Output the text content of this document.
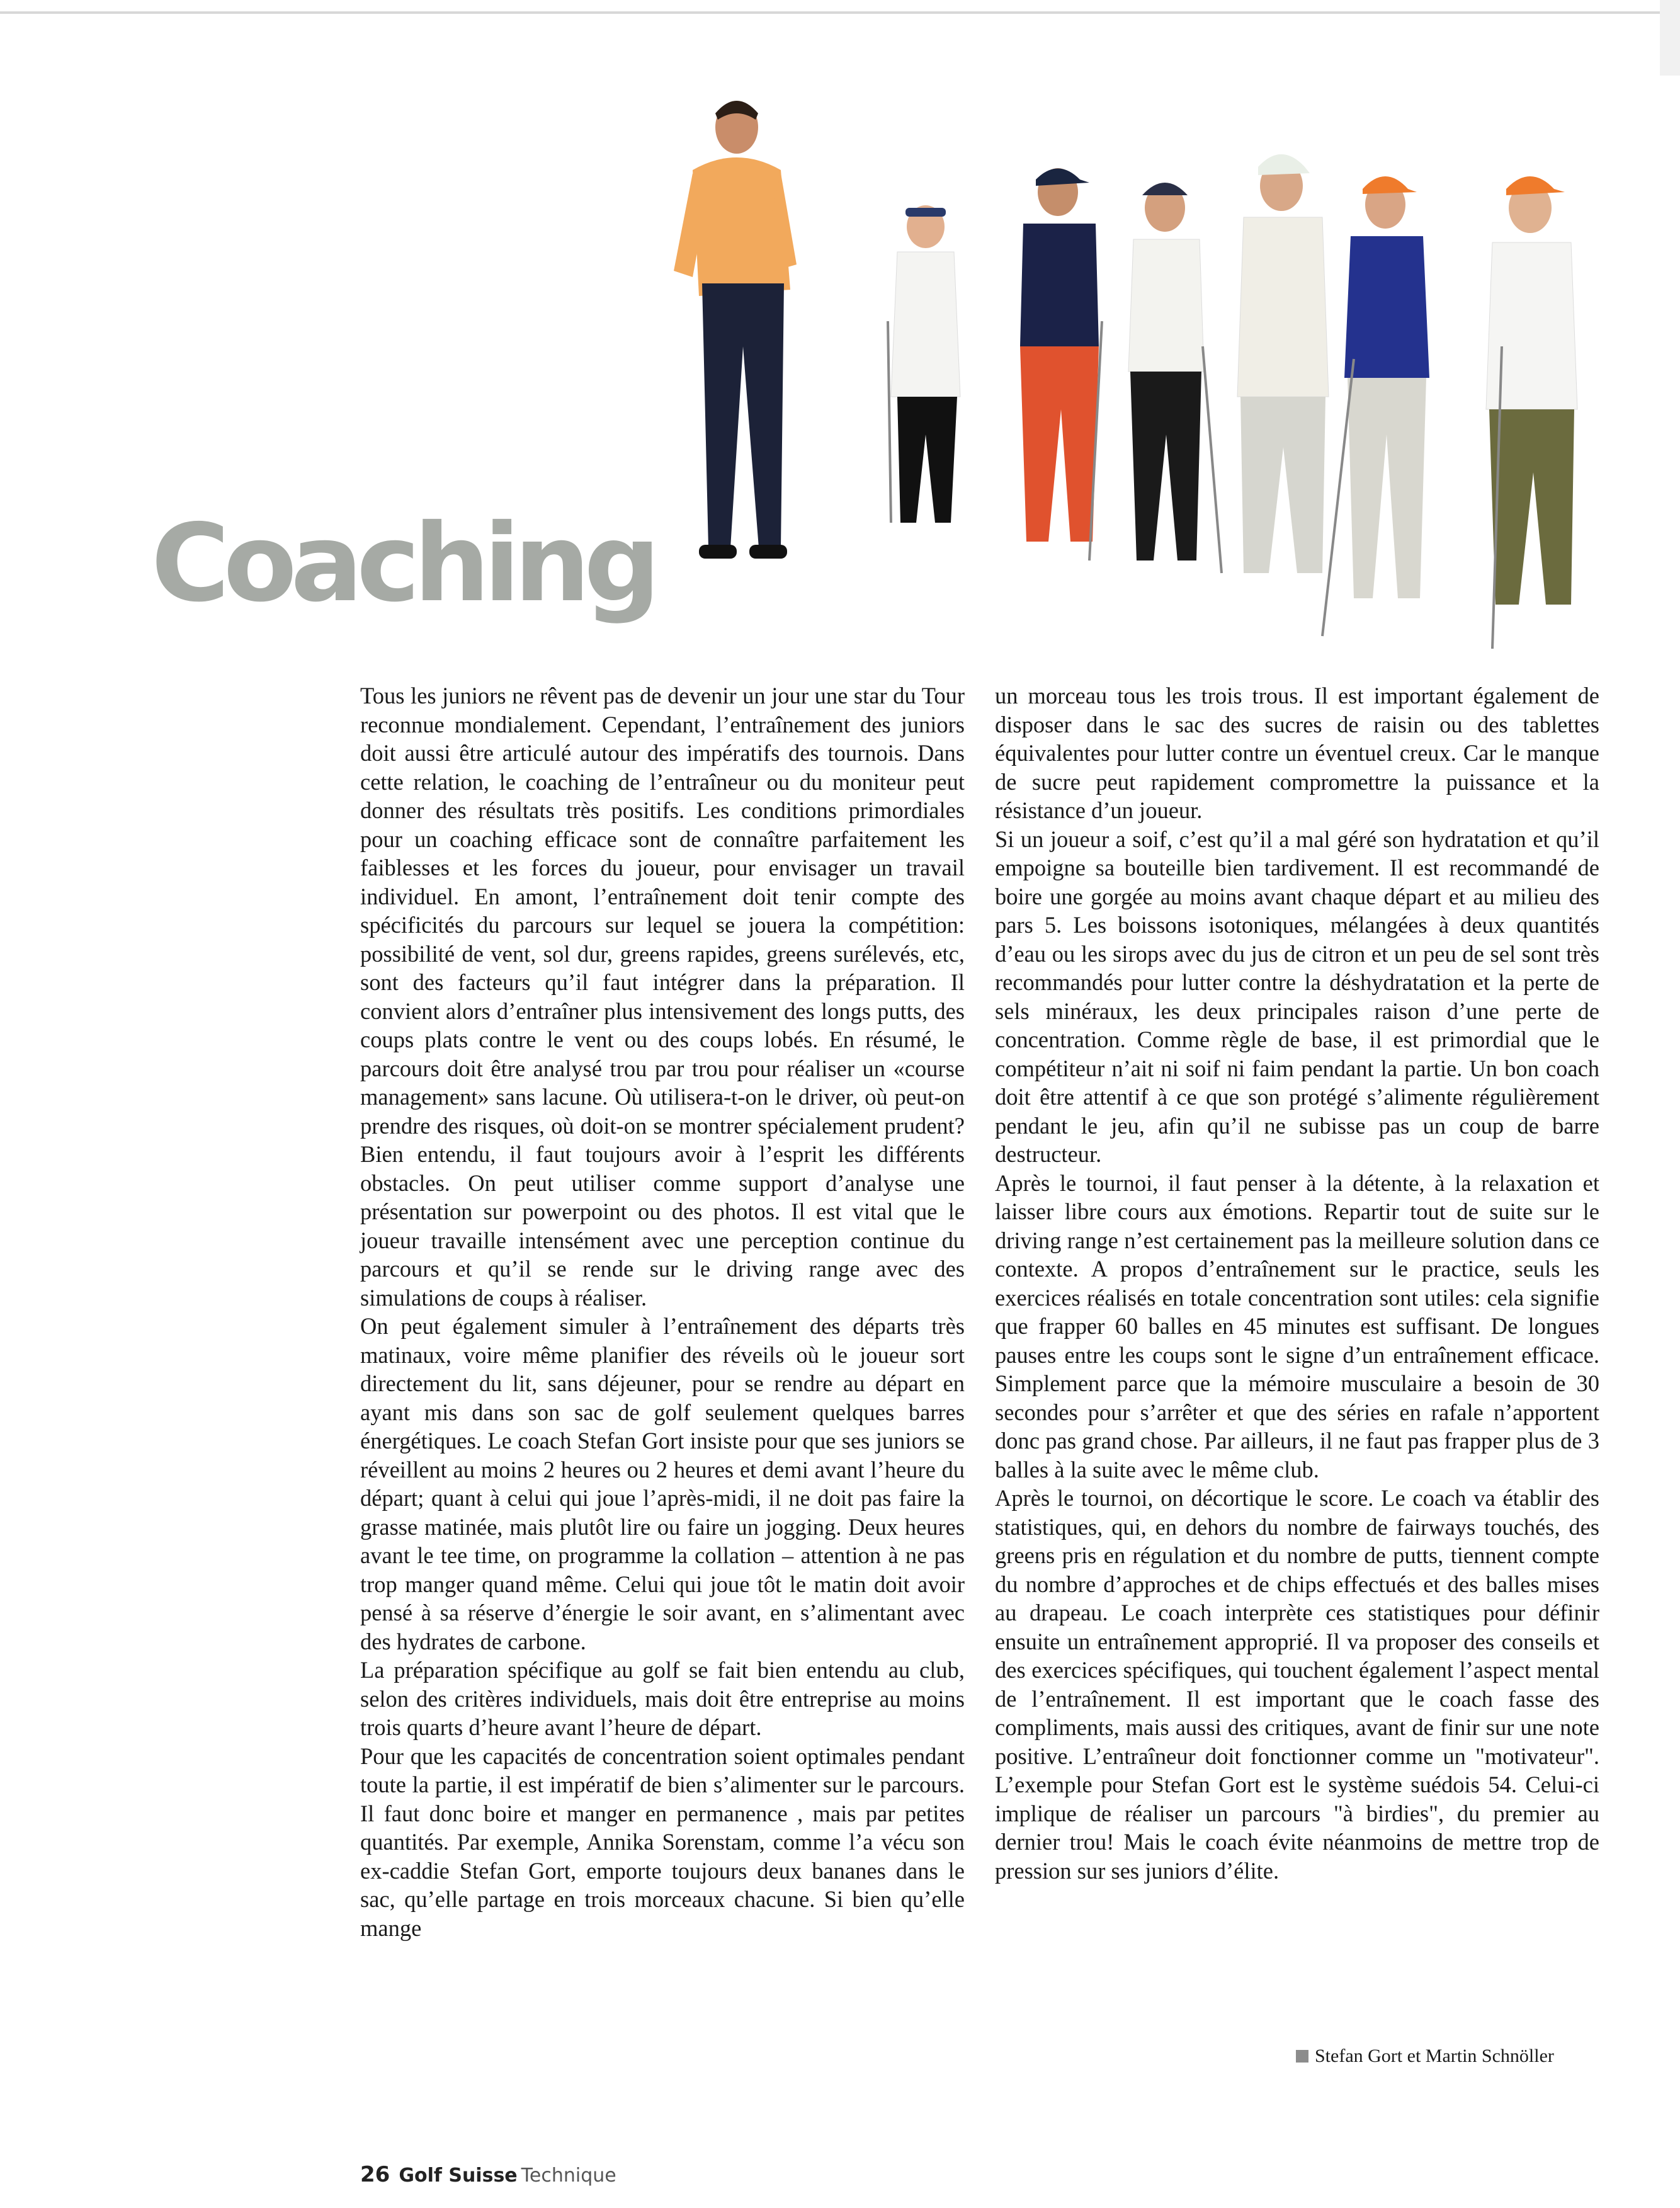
Coaching

Tous les juniors ne rêvent pas de devenir un jour une star du Tour reconnue mondialement. Cependant, l’entraînement des juniors doit aussi être articulé autour des impératifs des tournois. Dans cette relation, le coaching de l’entraîneur ou du moniteur peut donner des résultats très positifs. Les conditions primordiales pour un coaching efficace sont de connaître parfaitement les faiblesses et les forces du joueur, pour envisager un travail individuel. En amont, l’entraînement doit tenir compte des spécificités du parcours sur lequel se jouera la compétition: possibilité de vent, sol dur, greens rapides, greens surélevés, etc, sont des facteurs qu’il faut intégrer dans la préparation. Il convient alors d’entraîner plus intensivement des longs putts, des coups plats contre le vent ou des coups lobés. En résumé, le parcours doit être analysé trou par trou pour réaliser un «course management» sans lacune. Où utilisera-t-on le driver, où peut-on prendre des risques, où doit-on se montrer spécialement prudent? Bien entendu, il faut toujours avoir à l’esprit les différents obstacles. On peut utiliser comme support d’analyse une présentation sur powerpoint ou des photos. Il est vital que le joueur travaille intensément avec une perception continue du parcours et qu’il se rende sur le driving range avec des simulations de coups à réaliser.

On peut également simuler à l’entraînement des départs très matinaux, voire même planifier des réveils où le joueur sort directement du lit, sans déjeuner, pour se rendre au départ en ayant mis dans son sac de golf seulement quelques barres énergétiques. Le coach Stefan Gort insiste pour que ses juniors se réveillent au moins 2 heures ou 2 heures et demi avant l’heure du départ; quant à celui qui joue l’après-midi, il ne doit pas faire la grasse matinée, mais plutôt lire ou faire un jogging. Deux heures avant le tee time, on programme la collation – attention à ne pas trop manger quand même. Celui qui joue tôt le matin doit avoir pensé à sa réserve d’énergie le soir avant, en s’alimentant avec des hydrates de carbone.

La préparation spécifique au golf se fait bien entendu au club, selon des critères individuels, mais doit être entreprise au moins trois quarts d’heure avant l’heure de départ.

Pour que les capacités de concentration soient optimales pendant toute la partie, il est impératif de bien s’alimenter sur le parcours. Il faut donc boire et manger en permanence , mais par petites quantités. Par exemple, Annika Sorenstam, comme l’a vécu son ex-caddie Stefan Gort, emporte toujours deux bananes dans le sac, qu’elle partage en trois morceaux chacune. Si bien qu’elle mange

un morceau tous les trois trous. Il est important également de disposer dans le sac des sucres de raisin ou des tablettes équivalentes pour lutter contre un éventuel creux. Car le manque de sucre peut rapidement compromettre la puissance et la résistance d’un joueur.

Si un joueur a soif, c’est qu’il a mal géré son hydratation et qu’il empoigne sa bouteille bien tardivement. Il est recommandé de boire une gorgée au moins avant chaque départ et au milieu des pars 5. Les boissons isotoniques, mélangées à deux quantités d’eau ou les sirops avec du jus de citron et un peu de sel sont très recommandés pour lutter contre la déshydratation et la perte de sels minéraux, les deux principales raison d’une perte de concentration. Comme règle de base, il est primordial que le compétiteur n’ait ni soif ni faim pendant la partie. Un bon coach doit être attentif à ce que son protégé s’alimente régulièrement pendant le jeu, afin qu’il ne subisse pas un coup de barre destructeur.

Après le tournoi, il faut penser à la détente, à la relaxation et laisser libre cours aux émotions. Repartir tout de suite sur le driving range n’est certainement pas la meilleure solution dans ce contexte. A propos d’entraînement sur le practice, seuls les exercices réalisés en totale concentration sont utiles: cela signifie que frapper 60 balles en 45 minutes est suffisant. De longues pauses entre les coups sont le signe d’un entraînement efficace. Simplement parce que la mémoire musculaire a besoin de 30 secondes pour s’arrêter et que des séries en rafale n’apportent donc pas grand chose. Par ailleurs, il ne faut pas frapper plus de 3 balles à la suite avec le même club.

Après le tournoi, on décortique le score. Le coach va établir des statistiques, qui, en dehors du nombre de fairways touchés, des greens pris en régulation et du nombre de putts, tiennent compte du nombre d’approches et de chips effectués et des balles mises au drapeau. Le coach interprète ces statistiques pour définir ensuite un entraînement approprié. Il va proposer des conseils et des exercices spécifiques, qui touchent également l’aspect mental de l’entraînement. Il est important que le coach fasse des compliments, mais aussi des critiques, avant de finir sur une note positive. L’entraîneur doit fonctionner comme un "motivateur". L’exemple pour Stefan Gort est le système suédois 54. Celui-ci implique de réaliser un parcours "à birdies", du premier au dernier trou! Mais le coach évite néanmoins de mettre trop de pression sur ses juniors d’élite.

Stefan Gort et Martin Schnöller
26 Golf Suisse Technique
